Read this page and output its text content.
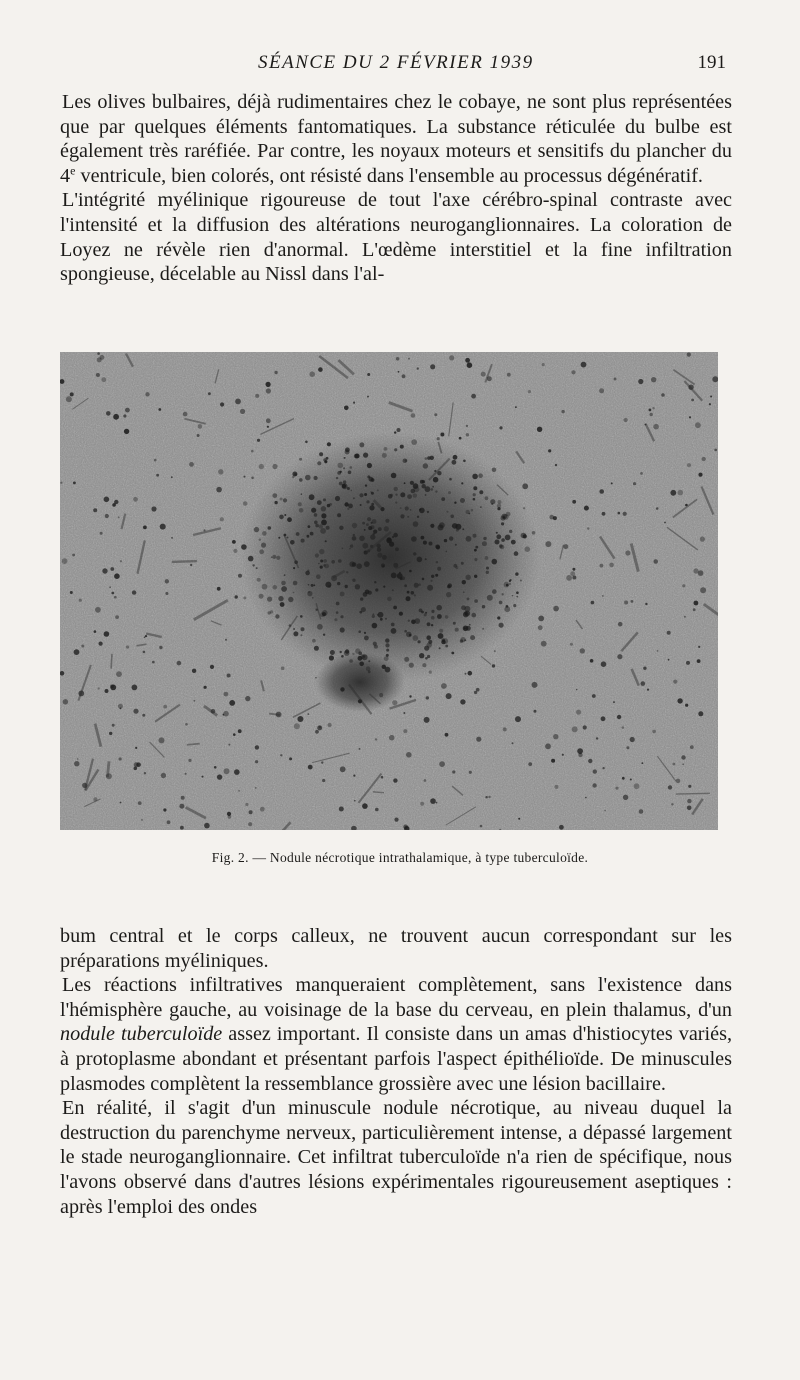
SÉANCE DU 2 FÉVRIER 1939	191

Les olives bulbaires, déjà rudimentaires chez le cobaye, ne sont plus représentées que par quelques éléments fantomatiques. La substance réticulée du bulbe est également très raréfiée. Par contre, les noyaux moteurs et sensitifs du plancher du 4e ventricule, bien colorés, ont résisté dans l'ensemble au processus dégénératif.

L'intégrité myélinique rigoureuse de tout l'axe cérébro-spinal contraste avec l'intensité et la diffusion des altérations neuroganglionnaires. La coloration de Loyez ne révèle rien d'anormal. L'œdème interstitiel et la fine infiltration spongieuse, décelable au Nissl dans l'al-

Fig. 2. — Nodule nécrotique intrathalamique, à type tuberculoïde.

bum central et le corps calleux, ne trouvent aucun correspondant sur les préparations myéliniques.

Les réactions infiltratives manqueraient complètement, sans l'existence dans l'hémisphère gauche, au voisinage de la base du cerveau, en plein thalamus, d'un nodule tuberculoïde assez important. Il consiste dans un amas d'histiocytes variés, à protoplasme abondant et présentant parfois l'aspect épithélioïde. De minuscules plasmodes complètent la ressemblance grossière avec une lésion bacillaire.

En réalité, il s'agit d'un minuscule nodule nécrotique, au niveau duquel la destruction du parenchyme nerveux, particulièrement intense, a dépassé largement le stade neuroganglionnaire. Cet infiltrat tuberculoïde n'a rien de spécifique, nous l'avons observé dans d'autres lésions expérimentales rigoureusement aseptiques : après l'emploi des ondes
